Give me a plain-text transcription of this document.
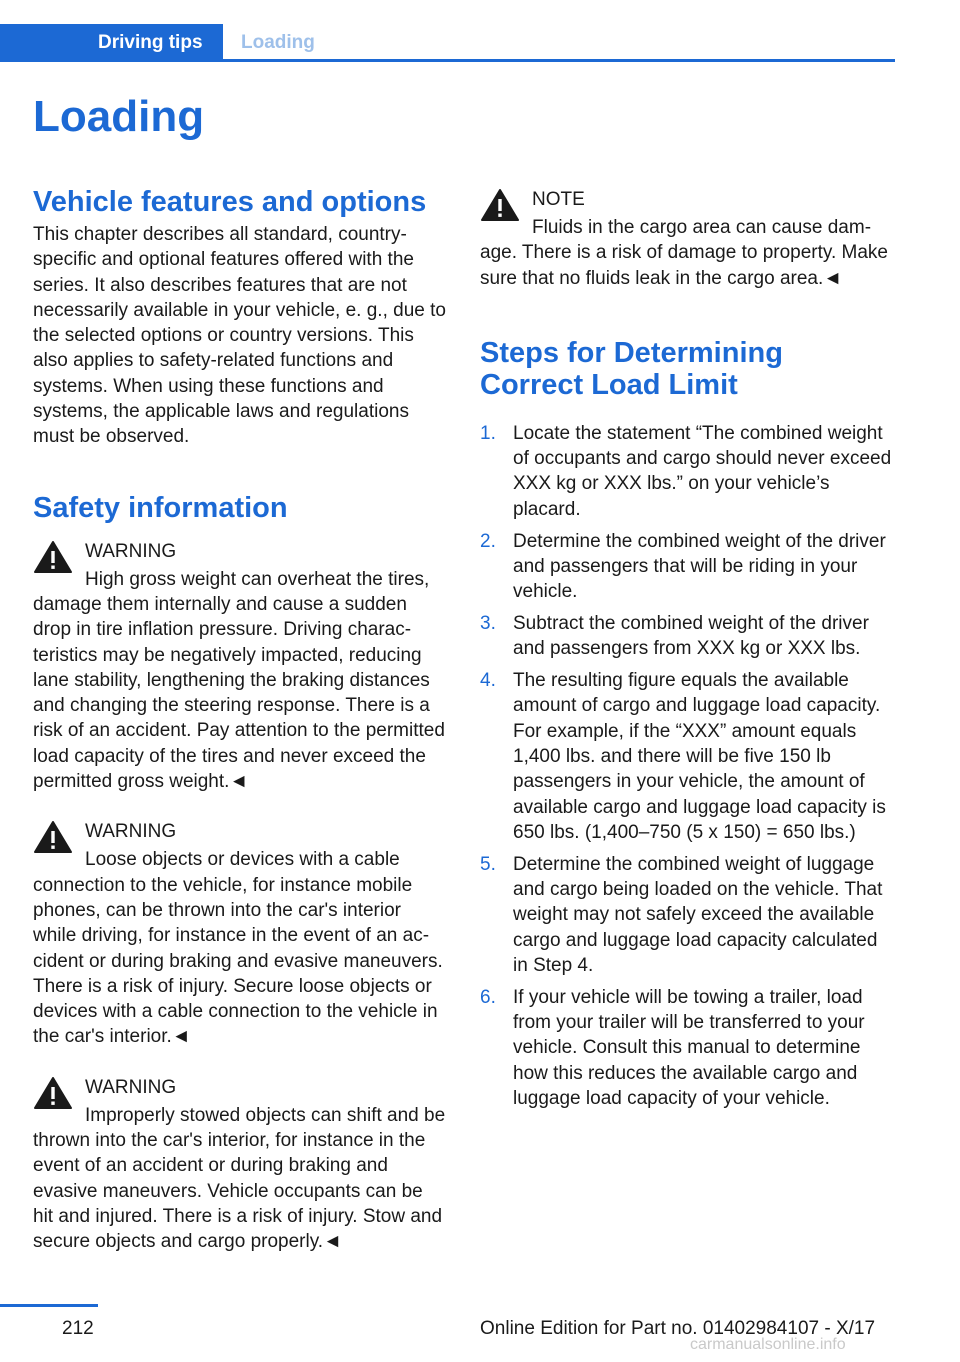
Driving tips	Loading
Loading
Vehicle features and options

This chapter describes all standard, country-specific and optional features offered with the series. It also describes features that are not necessarily available in your vehicle, e. g., due to the selected options or country versions. This also applies to safety-related functions and systems. When using these functions and systems, the applicable laws and regulations must be observed.

Safety information
WARNING
High gross weight can overheat the tires, damage them internally and cause a sudden drop in tire inflation pressure. Driving characteristics may be negatively impacted, reducing lane stability, lengthening the braking distances and changing the steering response. There is a risk of an accident. Pay attention to the permitted load capacity of the tires and never exceed the permitted gross weight.◄
WARNING
Loose objects or devices with a cable connection to the vehicle, for instance mobile phones, can be thrown into the car's interior while driving, for instance in the event of an accident or during braking and evasive maneuvers. There is a risk of injury. Secure loose objects or devices with a cable connection to the vehicle in the car's interior.◄
WARNING
Improperly stowed objects can shift and be thrown into the car's interior, for instance in the event of an accident or during braking and evasive maneuvers. Vehicle occupants can be hit and injured. There is a risk of injury. Stow and secure objects and cargo properly.◄
NOTE
Fluids in the cargo area can cause damage. There is a risk of damage to property. Make sure that no fluids leak in the cargo area.◄
Steps for Determining Correct Load Limit
1. Locate the statement “The combined weight of occupants and cargo should never exceed XXX kg or XXX lbs.” on your vehicle’s placard.
2. Determine the combined weight of the driver and passengers that will be riding in your vehicle.
3. Subtract the combined weight of the driver and passengers from XXX kg or XXX lbs.
4. The resulting figure equals the available amount of cargo and luggage load capacity. For example, if the “XXX” amount equals 1,400 lbs. and there will be five 150 lb passengers in your vehicle, the amount of available cargo and luggage load capacity is 650 lbs. (1,400–750 (5 x 150) = 650 lbs.)
5. Determine the combined weight of luggage and cargo being loaded on the vehicle. That weight may not safely exceed the available cargo and luggage load capacity calculated in Step 4.
6. If your vehicle will be towing a trailer, load from your trailer will be transferred to your vehicle. Consult this manual to determine how this reduces the available cargo and luggage load capacity of your vehicle.
212	Online Edition for Part no. 01402984107 - X/17
carmanualsonline.info
